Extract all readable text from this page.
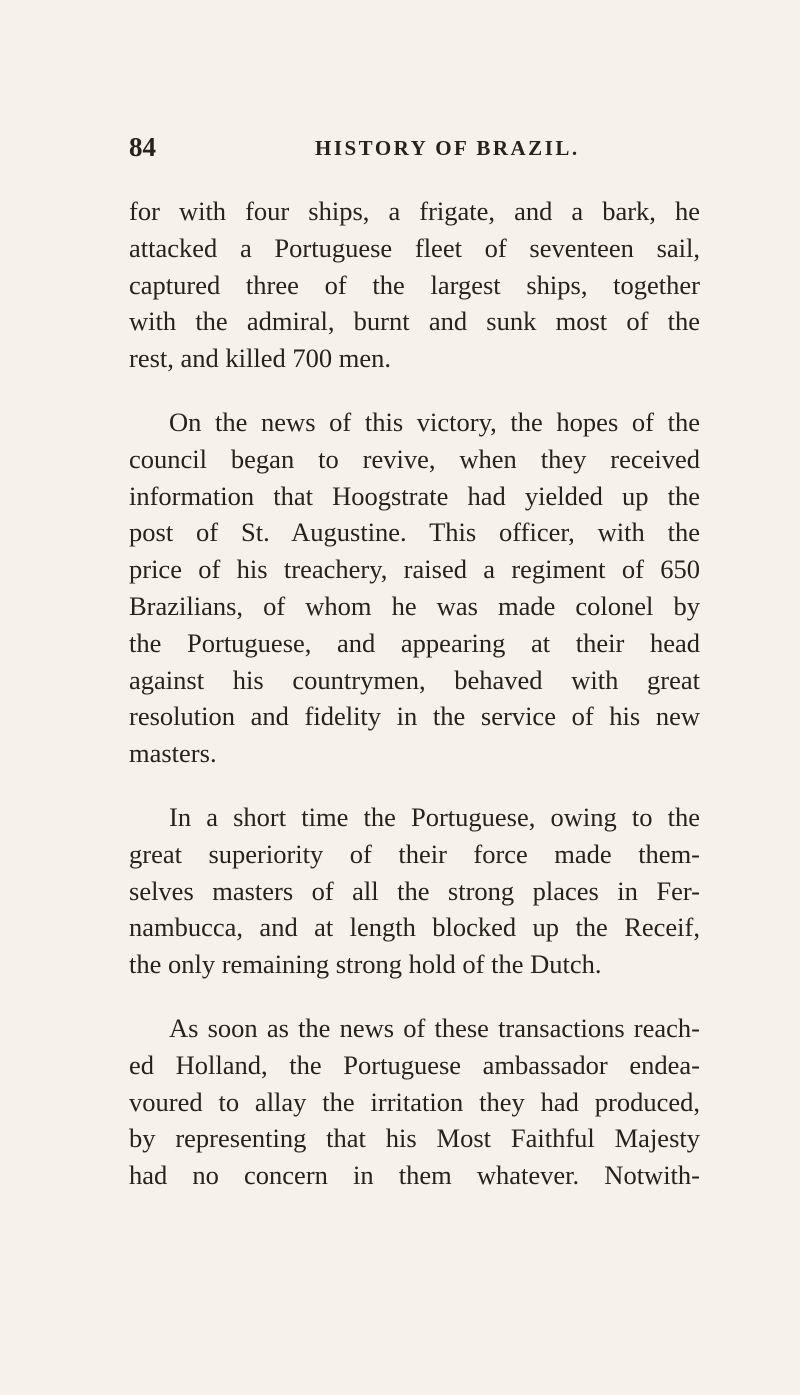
84	HISTORY OF BRAZIL.
for with four ships, a frigate, and a bark, he
attacked a Portuguese fleet of seventeen sail,
captured three of the largest ships, together
with the admiral, burnt and sunk most of the
rest, and killed 700 men.
On the news of this victory, the hopes of the
council began to revive, when they received
information that Hoogstrate had yielded up the
post of St. Augustine. This officer, with the
price of his treachery, raised a regiment of 650
Brazilians, of whom he was made colonel by
the Portuguese, and appearing at their head
against his countrymen, behaved with great
resolution and fidelity in the service of his new
masters.
In a short time the Portuguese, owing to the
great superiority of their force made them-
selves masters of all the strong places in Fer-
nambucca, and at length blocked up the Receif,
the only remaining strong hold of the Dutch.
As soon as the news of these transactions reach-
ed Holland, the Portuguese ambassador endea-
voured to allay the irritation they had produced,
by representing that his Most Faithful Majesty
had no concern in them whatever. Notwith-
